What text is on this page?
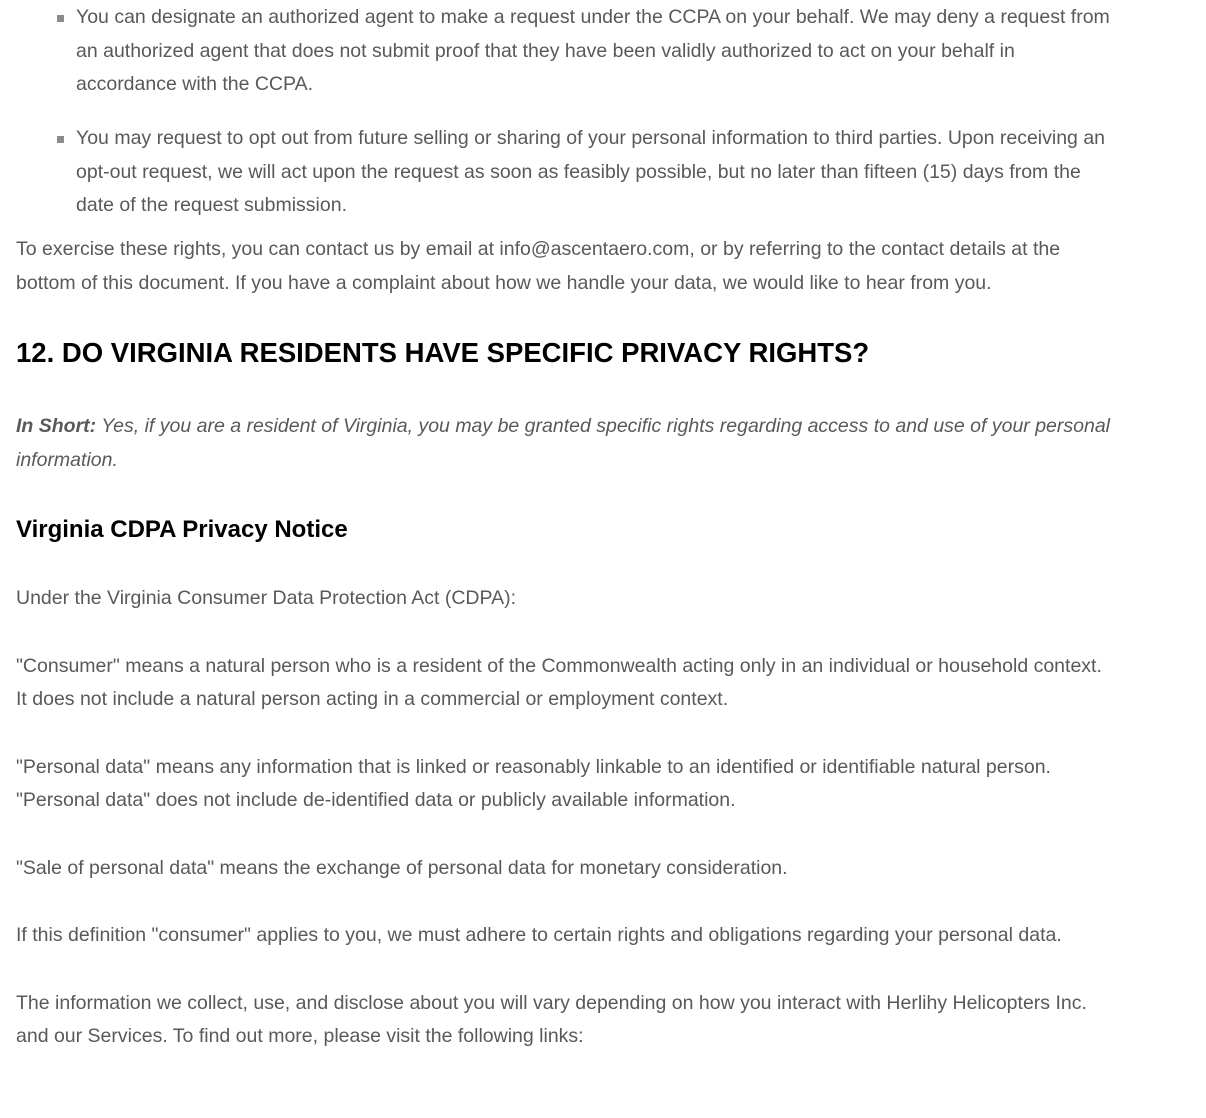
You can designate an authorized agent to make a request under the CCPA on your behalf. We may deny a request from an authorized agent that does not submit proof that they have been validly authorized to act on your behalf in accordance with the CCPA.
You may request to opt out from future selling or sharing of your personal information to third parties. Upon receiving an opt-out request, we will act upon the request as soon as feasibly possible, but no later than fifteen (15) days from the date of the request submission.

To exercise these rights, you can contact us by email at info@ascentaero.com, or by referring to the contact details at the bottom of this document. If you have a complaint about how we handle your data, we would like to hear from you.

12. DO VIRGINIA RESIDENTS HAVE SPECIFIC PRIVACY RIGHTS?

In Short: Yes, if you are a resident of Virginia, you may be granted specific rights regarding access to and use of your personal information.

Virginia CDPA Privacy Notice

Under the Virginia Consumer Data Protection Act (CDPA):

"Consumer" means a natural person who is a resident of the Commonwealth acting only in an individual or household context. It does not include a natural person acting in a commercial or employment context.

"Personal data" means any information that is linked or reasonably linkable to an identified or identifiable natural person. "Personal data" does not include de-identified data or publicly available information.

"Sale of personal data" means the exchange of personal data for monetary consideration.

If this definition "consumer" applies to you, we must adhere to certain rights and obligations regarding your personal data.

The information we collect, use, and disclose about you will vary depending on how you interact with Herlihy Helicopters Inc. and our Services. To find out more, please visit the following links:
